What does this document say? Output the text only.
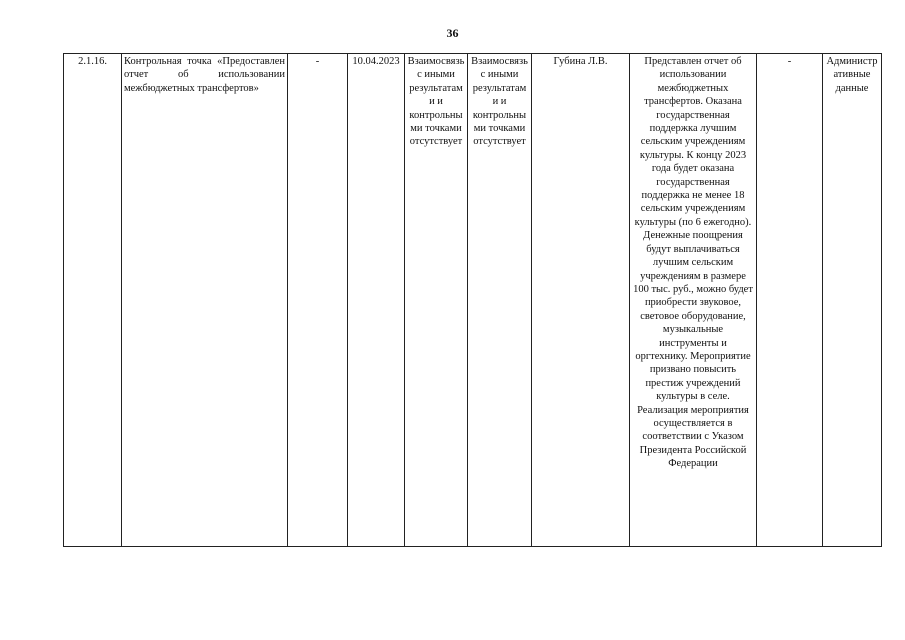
36
2.1.16.	Контрольная точка «Предоставлен отчет об использовании межбюджетных трансфертов»	-	10.04.2023	Взаимосвязь с иными результатами и контрольными точками отсутствует	Взаимосвязь с иными результатами и контрольными точками отсутствует	Губина Л.В.	Представлен отчет об использовании межбюджетных трансфертов. Оказана государственная поддержка лучшим сельским учреждениям культуры. К концу 2023 года будет оказана государственная поддержка не менее 18 сельским учреждениям культуры (по 6 ежегодно). Денежные поощрения будут выплачиваться лучшим сельским учреждениям в размере 100 тыс. руб., можно будет приобрести звуковое, световое оборудование, музыкальные инструменты и оргтехнику. Мероприятие призвано повысить престиж учреждений культуры в селе. Реализация мероприятия осуществляется в соответствии с Указом Президента Российской Федерации	-	Административные данные
